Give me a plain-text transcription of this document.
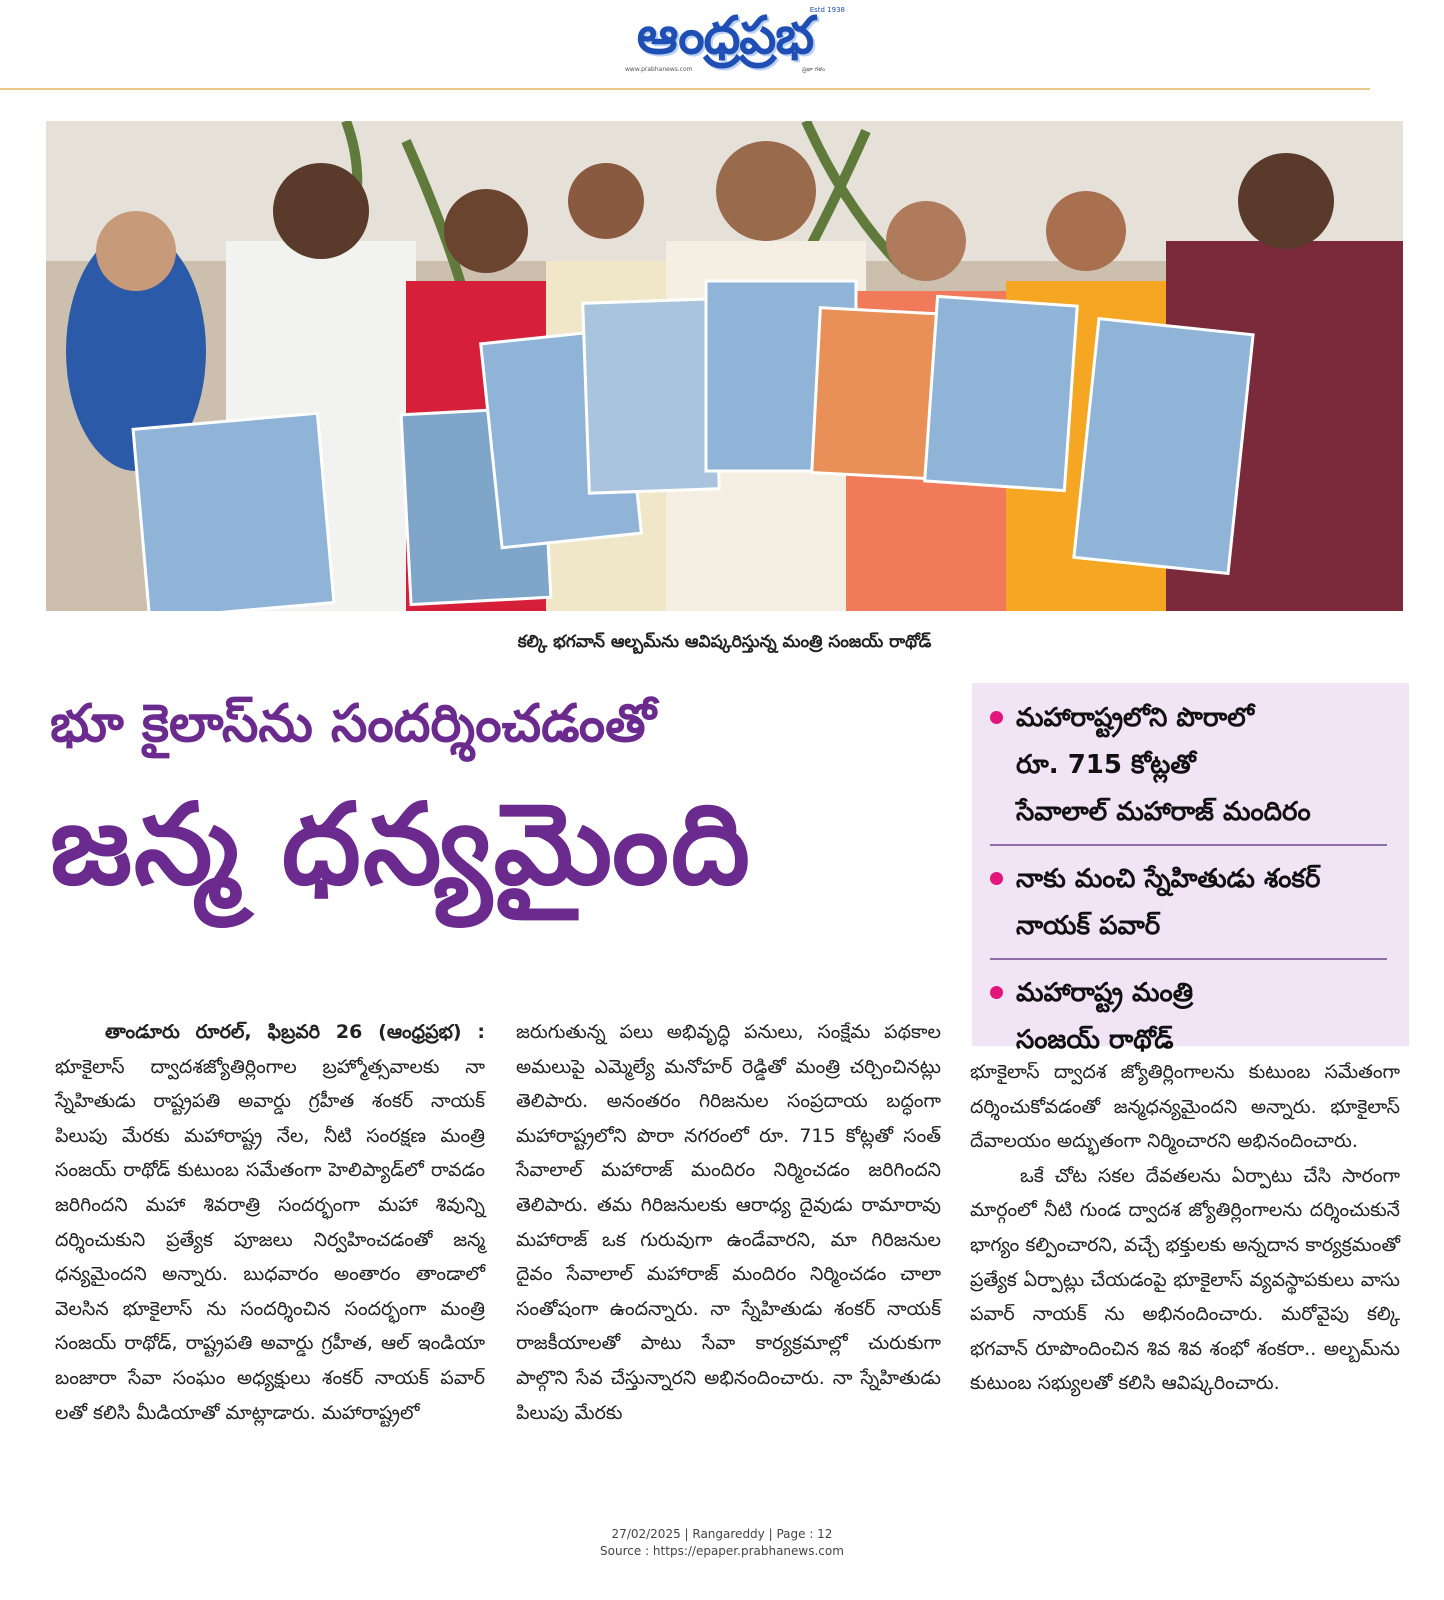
ఆంధ్రప్రభ
Estd 1938
www.prabhanews.com	ప్రజా గళం
కల్కి భగవాన్ ఆల్బమ్‌ను ఆవిష్కరిస్తున్న మంత్రి సంజయ్ రాథోడ్
భూ కైలాస్‌ను సందర్శించడంతో
జన్మ ధన్యమైంది
మహారాష్ట్రలోని పొరాలో
రూ. 715 కోట్లతో
సేవాలాల్ మహారాజ్ మందిరం
నాకు మంచి స్నేహితుడు శంకర్
నాయక్ పవార్
మహారాష్ట్ర మంత్రి
సంజయ్ రాథోడ్

తాండూరు రూరల్, ఫిబ్రవరి 26 (ఆంధ్రప్రభ) : భూకైలాస్ ద్వాదశజ్యోతిర్లింగాల బ్రహ్మోత్సవాలకు నా స్నేహితుడు రాష్ట్రపతి అవార్డు గ్రహీత శంకర్ నాయక్ పిలుపు మేరకు మహారాష్ట్ర నేల, నీటి సంరక్షణ మంత్రి సంజయ్ రాథోడ్ కుటుంబ సమేతంగా హెలిప్యాడ్‌లో రావడం జరిగిందని మహా శివరాత్రి సందర్భంగా మహా శివున్ని దర్శించుకుని ప్రత్యేక పూజలు నిర్వహించడంతో జన్మ ధన్యమైందని అన్నారు. బుధవారం అంతారం తాండాలో వెలసిన భూకైలాస్ ను సందర్శించిన సందర్భంగా మంత్రి సంజయ్ రాథోడ్, రాష్ట్రపతి అవార్డు గ్రహీత, ఆల్ ఇండియా బంజారా సేవా సంఘం అధ్యక్షులు శంకర్ నాయక్ పవార్ లతో కలిసి మీడియాతో మాట్లాడారు. మహారాష్ట్రలో

జరుగుతున్న పలు అభివృద్ధి పనులు, సంక్షేమ పథకాల అమలుపై ఎమ్మెల్యే మనోహర్ రెడ్డితో మంత్రి చర్చించినట్లు తెలిపారు. అనంతరం గిరిజనుల సంప్రదాయ బద్ధంగా మహారాష్ట్రలోని పొరా నగరంలో రూ. 715 కోట్లతో సంత్ సేవాలాల్ మహారాజ్ మందిరం నిర్మించడం జరిగిందని తెలిపారు. తమ గిరిజనులకు ఆరాధ్య దైవుడు రామారావు మహారాజ్ ఒక గురువుగా ఉండేవారని, మా గిరిజనుల దైవం సేవాలాల్ మహారాజ్ మందిరం నిర్మించడం చాలా సంతోషంగా ఉందన్నారు. నా స్నేహితుడు శంకర్ నాయక్ రాజకీయాలతో పాటు సేవా కార్యక్రమాల్లో చురుకుగా పాల్గొని సేవ చేస్తున్నారని అభినందించారు. నా స్నేహితుడు పిలుపు మేరకు

భూకైలాస్ ద్వాదశ జ్యోతిర్లింగాలను కుటుంబ సమేతంగా దర్శించుకోవడంతో జన్మధన్యమైందని అన్నారు. భూకైలాస్ దేవాలయం అద్భుతంగా నిర్మించారని అభినందించారు.

ఒకే చోట సకల దేవతలను ఏర్పాటు చేసి సారంగా మార్గంలో నీటి గుండ ద్వాదశ జ్యోతిర్లింగాలను దర్శించుకునే భాగ్యం కల్పించారని, వచ్చే భక్తులకు అన్నదాన కార్యక్రమంతో ప్రత్యేక ఏర్పాట్లు చేయడంపై భూకైలాస్ వ్యవస్థాపకులు వాసు పవార్ నాయక్ ను అభినందించారు. మరోవైపు కల్కి భగవాన్ రూపొందించిన శివ శివ శంభో శంకరా.. అల్బమ్‌ను కుటుంబ సభ్యులతో కలిసి ఆవిష్కరించారు.

27/02/2025 | Rangareddy | Page : 12
Source : https://epaper.prabhanews.com
